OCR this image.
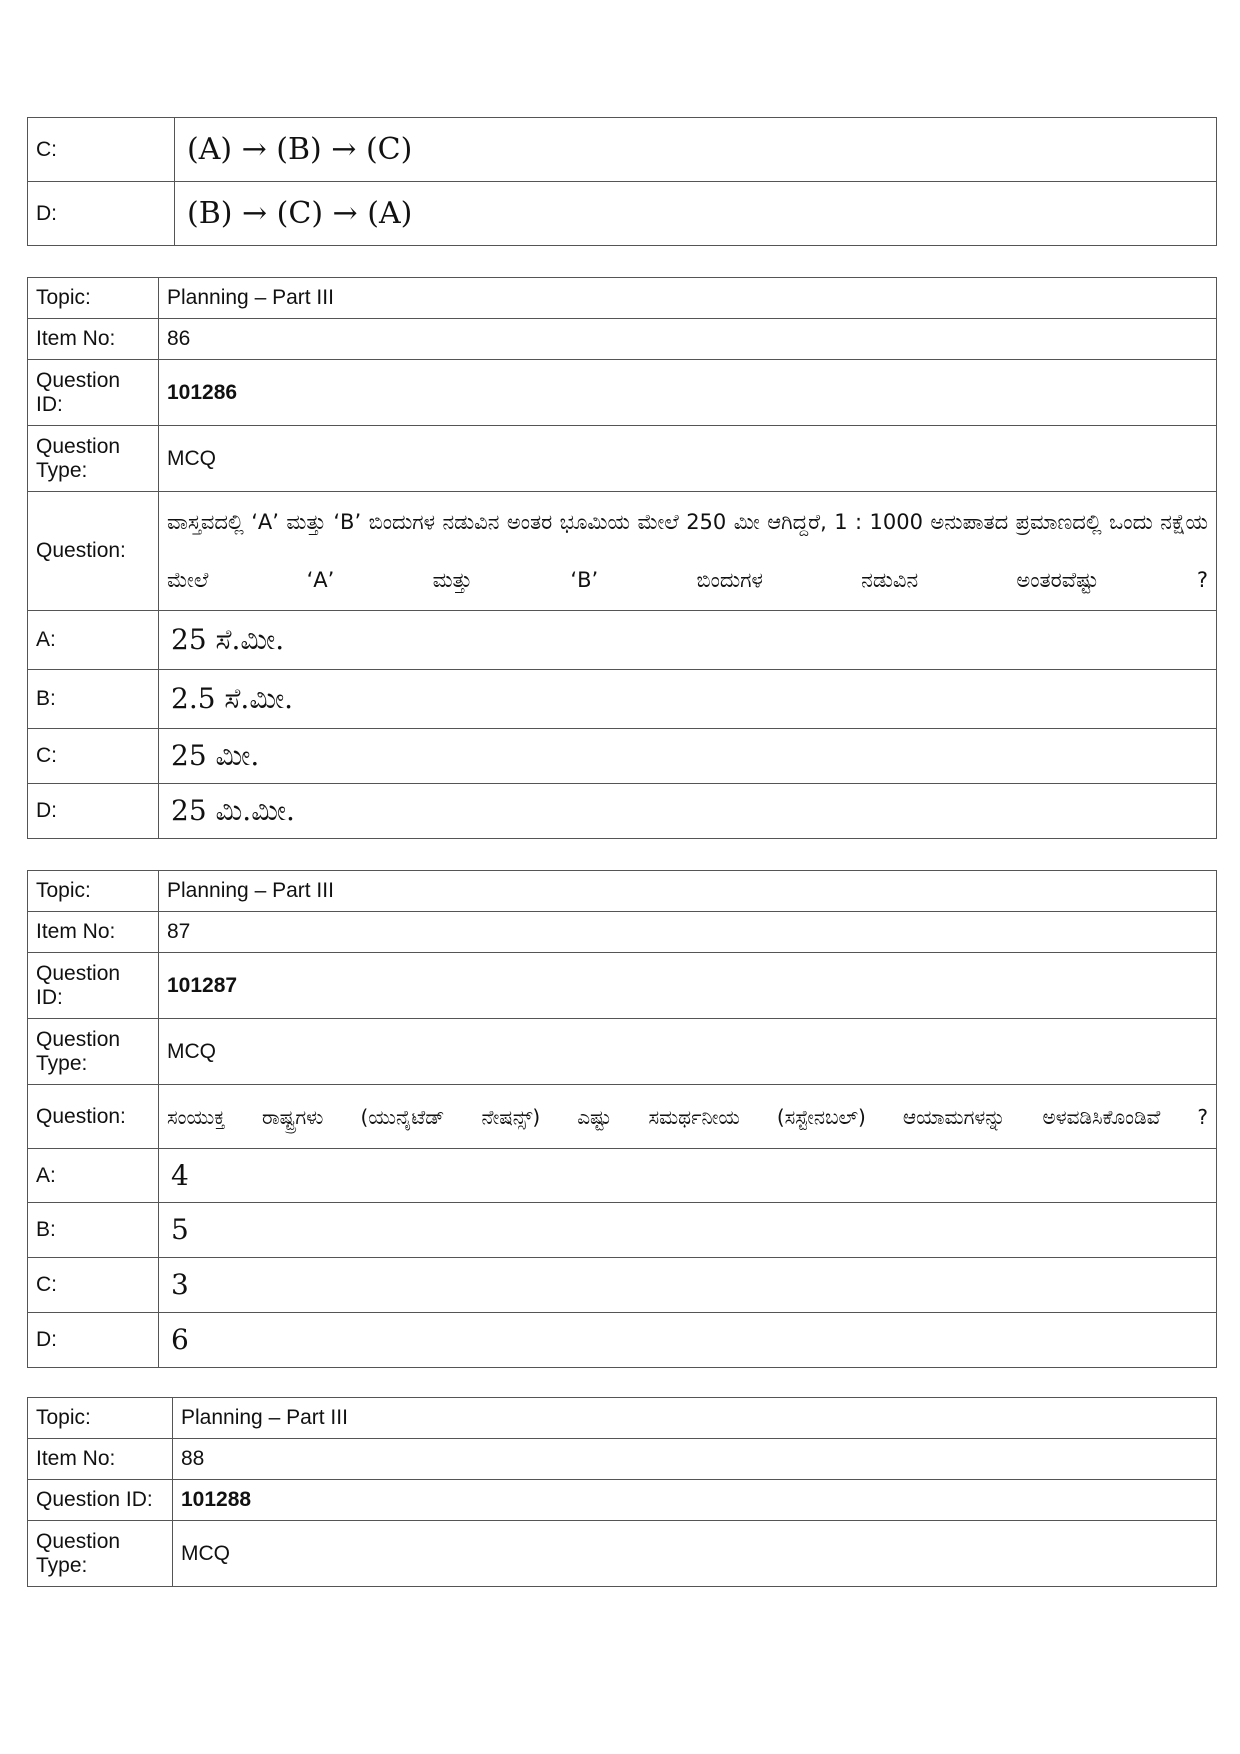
C:	(A) → (B) → (C)
D:	(B) → (C) → (A)
Topic:	Planning – Part III
Item No:	86
Question ID:	101286
Question Type:	MCQ
Question:	ವಾಸ್ತವದಲ್ಲಿ ‘A’ ಮತ್ತು ‘B’ ಬಿಂದುಗಳ ನಡುವಿನ ಅಂತರ ಭೂಮಿಯ ಮೇಲೆ 250 ಮೀ ಆಗಿದ್ದರೆ, 1 : 1000 ಅನುಪಾತದ ಪ್ರಮಾಣದಲ್ಲಿ ಒಂದು ನಕ್ಷೆಯ ಮೇಲೆ ‘A’ ಮತ್ತು ‘B’ ಬಿಂದುಗಳ ನಡುವಿನ ಅಂತರವೆಷ್ಟು ?
A:	25 ಸೆ.ಮೀ.
B:	2.5 ಸೆ.ಮೀ.
C:	25 ಮೀ.
D:	25 ಮಿ.ಮೀ.
Topic:	Planning – Part III
Item No:	87
Question ID:	101287
Question Type:	MCQ
Question:	ಸಂಯುಕ್ತ ರಾಷ್ಟ್ರಗಳು (ಯುನೈಟೆಡ್ ನೇಷನ್ಸ್) ಎಷ್ಟು ಸಮರ್ಥನೀಯ (ಸಸ್ಟೇನಬಲ್) ಆಯಾಮಗಳನ್ನು ಅಳವಡಿಸಿಕೊಂಡಿವೆ ?
A:	4
B:	5
C:	3
D:	6
Topic:	Planning – Part III
Item No:	88
Question ID:	101288
Question Type:	MCQ
